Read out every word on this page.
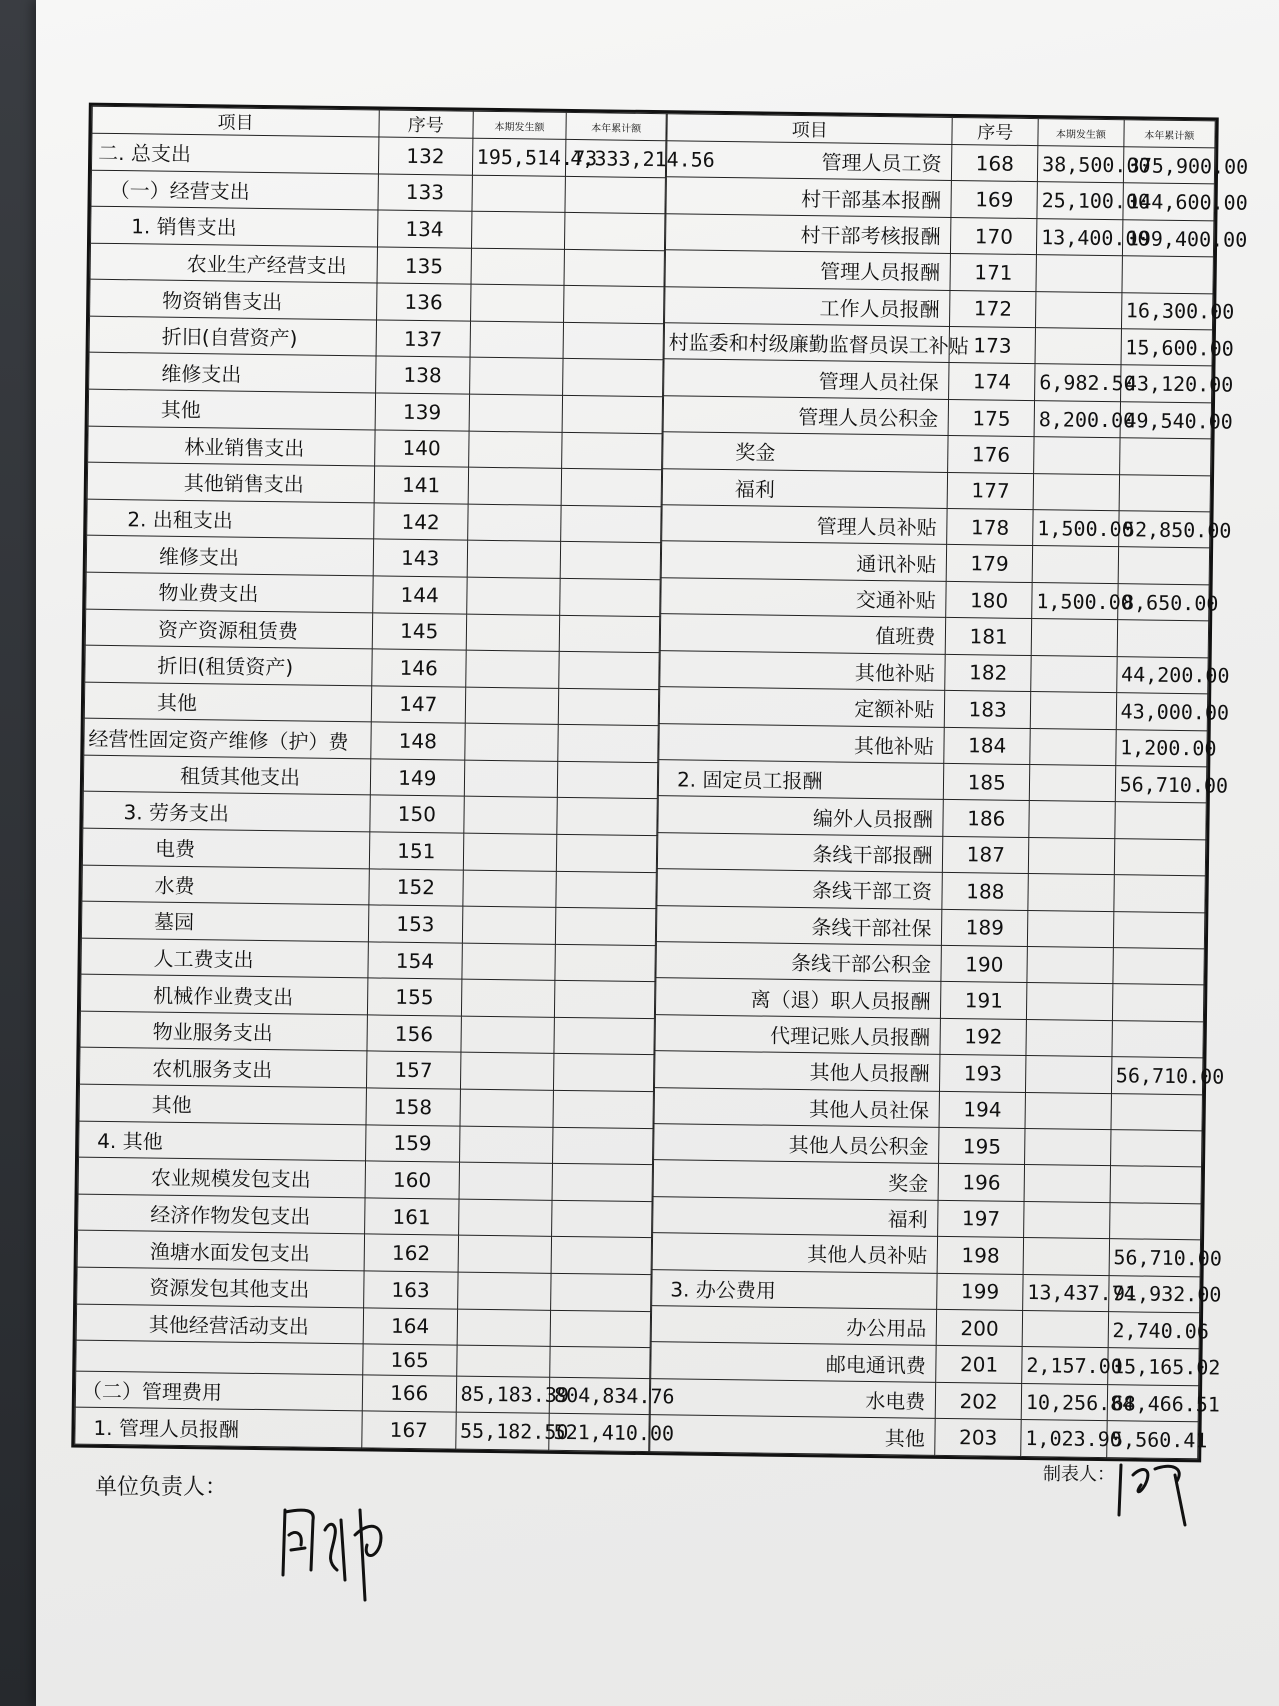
项目	序号	本期发生额	本年累计额
二. 总支出	132	195,514.73	4,333,214.56
（一）经营支出	133		
1. 销售支出	134		
农业生产经营支出	135		
物资销售支出	136		
折旧(自营资产)	137		
维修支出	138		
其他	139		
林业销售支出	140		
其他销售支出	141		
2. 出租支出	142		
维修支出	143		
物业费支出	144		
资产资源租赁费	145		
折旧(租赁资产)	146		
其他	147		
经营性固定资产维修（护）费	148		
租赁其他支出	149		
3. 劳务支出	150		
电费	151		
水费	152		
墓园	153		
人工费支出	154		
机械作业费支出	155		
物业服务支出	156		
农机服务支出	157		
其他	158		
4. 其他	159		
农业规模发包支出	160		
经济作物发包支出	161		
渔塘水面发包支出	162		
资源发包其他支出	163		
其他经营活动支出	164		
	165		
（二）管理费用	166	85,183.39	804,834.76
1. 管理人员报酬	167	55,182.50	521,410.00
项目	序号	本期发生额	本年累计额
管理人员工资	168	38,500.00	375,900.00
村干部基本报酬	169	25,100.00	144,600.00
村干部考核报酬	170	13,400.00	199,400.00
管理人员报酬	171		
工作人员报酬	172		16,300.00
村监委和村级廉勤监督员误工补贴	173		15,600.00
管理人员社保	174	6,982.50	43,120.00
管理人员公积金	175	8,200.00	49,540.00
奖金	176		
福利	177		
管理人员补贴	178	1,500.00	52,850.00
通讯补贴	179		
交通补贴	180	1,500.00	8,650.00
值班费	181		
其他补贴	182		44,200.00
定额补贴	183		43,000.00
其他补贴	184		1,200.00
2. 固定员工报酬	185		56,710.00
编外人员报酬	186		
条线干部报酬	187		
条线干部工资	188		
条线干部社保	189		
条线干部公积金	190		
离（退）职人员报酬	191		
代理记账人员报酬	192		
其他人员报酬	193		56,710.00
其他人员社保	194		
其他人员公积金	195		
奖金	196		
福利	197		
其他人员补贴	198		56,710.00
3. 办公费用	199	13,437.74	91,932.00
办公用品	200		2,740.06
邮电通讯费	201	2,157.00	15,165.02
水电费	202	10,256.84	68,466.51
其他	203	1,023.90	5,560.41
单位负责人：
制表人：
